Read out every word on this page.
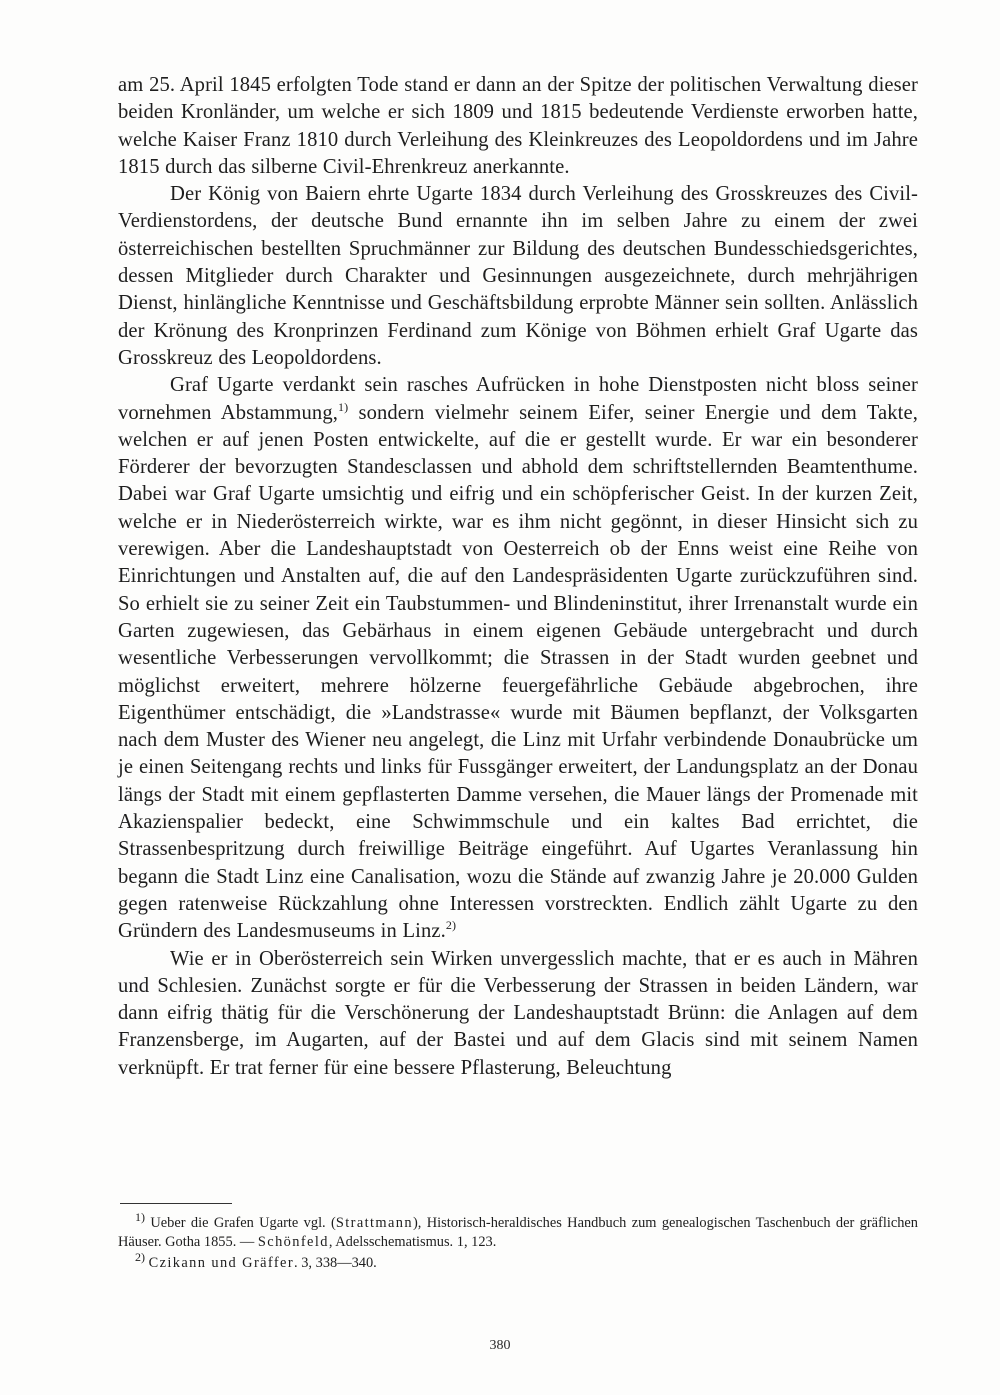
am 25. April 1845 erfolgten Tode stand er dann an der Spitze der politischen Verwaltung dieser beiden Kronländer, um welche er sich 1809 und 1815 bedeutende Verdienste erworben hatte, welche Kaiser Franz 1810 durch Verleihung des Kleinkreuzes des Leopoldordens und im Jahre 1815 durch das silberne Civil-Ehrenkreuz anerkannte.

Der König von Baiern ehrte Ugarte 1834 durch Verleihung des Grosskreuzes des Civil-Verdienstordens, der deutsche Bund ernannte ihn im selben Jahre zu einem der zwei österreichischen bestellten Spruchmänner zur Bildung des deutschen Bundesschiedsgerichtes, dessen Mitglieder durch Charakter und Gesinnungen ausgezeichnete, durch mehrjährigen Dienst, hinlängliche Kenntnisse und Geschäftsbildung erprobte Männer sein sollten. Anlässlich der Krönung des Kronprinzen Ferdinand zum Könige von Böhmen erhielt Graf Ugarte das Grosskreuz des Leopoldordens.

Graf Ugarte verdankt sein rasches Aufrücken in hohe Dienstposten nicht bloss seiner vornehmen Abstammung,$^{1)}$ sondern vielmehr seinem Eifer, seiner Energie und dem Takte, welchen er auf jenen Posten entwickelte, auf die er gestellt wurde. Er war ein besonderer Förderer der bevorzugten Standesclassen und abhold dem schriftstellernden Beamtenthume. Dabei war Graf Ugarte umsichtig und eifrig und ein schöpferischer Geist. In der kurzen Zeit, welche er in Niederösterreich wirkte, war es ihm nicht gegönnt, in dieser Hinsicht sich zu verewigen. Aber die Landeshauptstadt von Oesterreich ob der Enns weist eine Reihe von Einrichtungen und Anstalten auf, die auf den Landespräsidenten Ugarte zurückzuführen sind. So erhielt sie zu seiner Zeit ein Taubstummen- und Blindeninstitut, ihrer Irrenanstalt wurde ein Garten zugewiesen, das Gebärhaus in einem eigenen Gebäude untergebracht und durch wesentliche Verbesserungen vervollkommt; die Strassen in der Stadt wurden geebnet und möglichst erweitert, mehrere hölzerne feuergefährliche Gebäude abgebrochen, ihre Eigenthümer entschädigt, die »Landstrasse« wurde mit Bäumen bepflanzt, der Volksgarten nach dem Muster des Wiener neu angelegt, die Linz mit Urfahr verbindende Donaubrücke um je einen Seitengang rechts und links für Fussgänger erweitert, der Landungsplatz an der Donau längs der Stadt mit einem gepflasterten Damme versehen, die Mauer längs der Promenade mit Akazienspalier bedeckt, eine Schwimmschule und ein kaltes Bad errichtet, die Strassenbespritzung durch freiwillige Beiträge eingeführt. Auf Ugartes Veranlassung hin begann die Stadt Linz eine Canalisation, wozu die Stände auf zwanzig Jahre je 20.000 Gulden gegen ratenweise Rückzahlung ohne Interessen vorstreckten. Endlich zählt Ugarte zu den Gründern des Landesmuseums in Linz.$^{2)}$

Wie er in Oberösterreich sein Wirken unvergesslich machte, that er es auch in Mähren und Schlesien. Zunächst sorgte er für die Verbesserung der Strassen in beiden Ländern, war dann eifrig thätig für die Verschönerung der Landeshauptstadt Brünn: die Anlagen auf dem Franzensberge, im Augarten, auf der Bastei und auf dem Glacis sind mit seinem Namen verknüpft. Er trat ferner für eine bessere Pflasterung, Beleuchtung

$^{1)}$ Ueber die Grafen Ugarte vgl. (Strattmann), Historisch-heraldisches Handbuch zum genealogischen Taschenbuch der gräflichen Häuser. Gotha 1855. — Schönfeld, Adelsschematismus. 1, 123.

$^{2)}$ Czikann und Gräffer. 3, 338—340.

380
